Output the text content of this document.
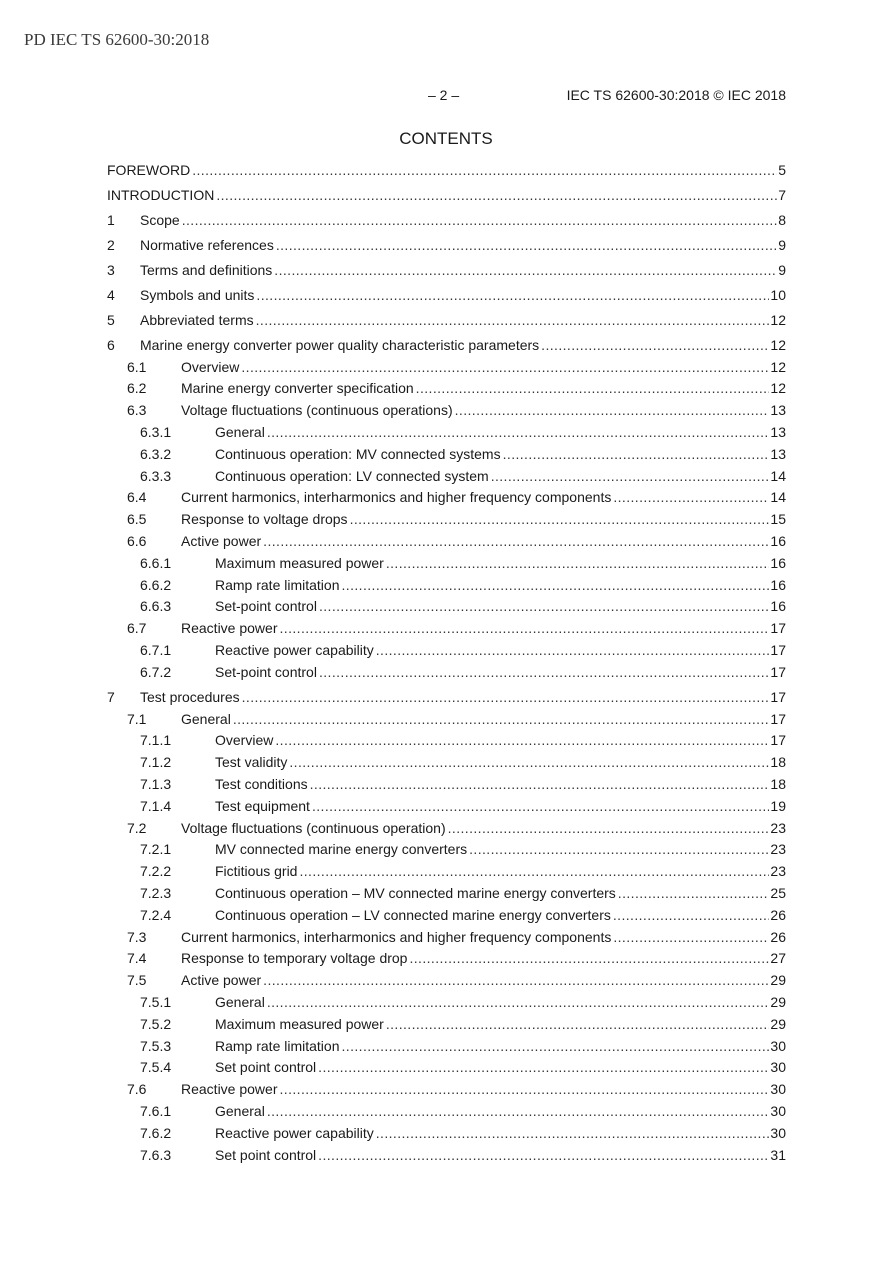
PD IEC TS 62600-30:2018
– 2 –	IEC TS 62600-30:2018 © IEC 2018
CONTENTS
FOREWORD .....	5
INTRODUCTION .....	7
1	Scope .....	8
2	Normative references .....	9
3	Terms and definitions .....	9
4	Symbols and units .....	10
5	Abbreviated terms .....	12
6	Marine energy converter power quality characteristic parameters .....	12
6.1	Overview .....	12
6.2	Marine energy converter specification .....	12
6.3	Voltage fluctuations (continuous operations) .....	13
6.3.1	General .....	13
6.3.2	Continuous operation: MV connected systems .....	13
6.3.3	Continuous operation: LV connected system .....	14
6.4	Current harmonics, interharmonics and higher frequency components .....	14
6.5	Response to voltage drops .....	15
6.6	Active power .....	16
6.6.1	Maximum measured power .....	16
6.6.2	Ramp rate limitation .....	16
6.6.3	Set-point control .....	16
6.7	Reactive power .....	17
6.7.1	Reactive power capability .....	17
6.7.2	Set-point control .....	17
7	Test procedures .....	17
7.1	General .....	17
7.1.1	Overview .....	17
7.1.2	Test validity .....	18
7.1.3	Test conditions .....	18
7.1.4	Test equipment .....	19
7.2	Voltage fluctuations (continuous operation) .....	23
7.2.1	MV connected marine energy converters .....	23
7.2.2	Fictitious grid .....	23
7.2.3	Continuous operation – MV connected marine energy converters .....	25
7.2.4	Continuous operation – LV connected marine energy converters .....	26
7.3	Current harmonics, interharmonics and higher frequency components .....	26
7.4	Response to temporary voltage drop .....	27
7.5	Active power .....	29
7.5.1	General .....	29
7.5.2	Maximum measured power .....	29
7.5.3	Ramp rate limitation .....	30
7.5.4	Set point control .....	30
7.6	Reactive power .....	30
7.6.1	General .....	30
7.6.2	Reactive power capability .....	30
7.6.3	Set point control .....	31
